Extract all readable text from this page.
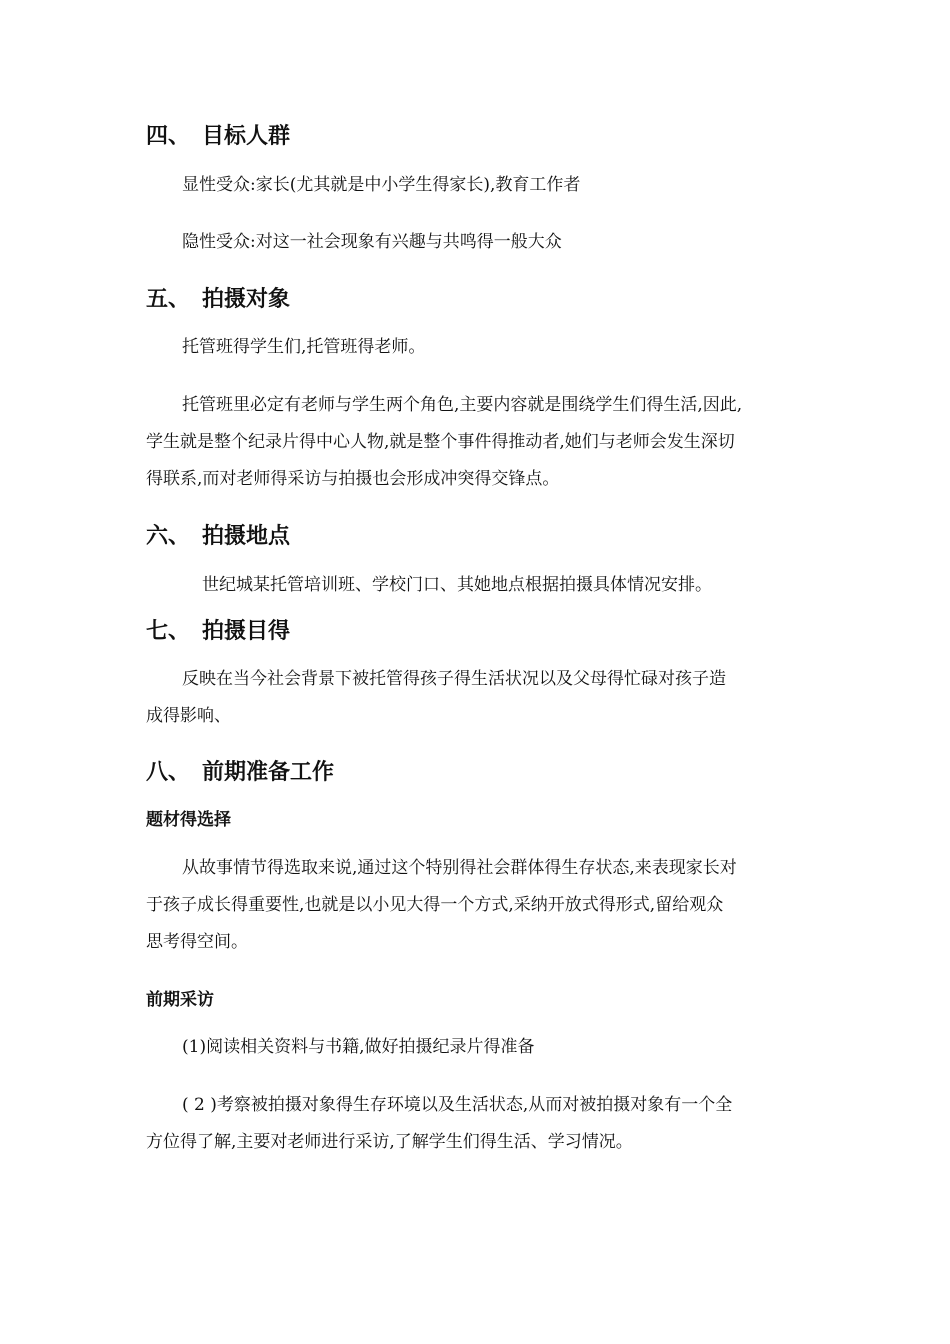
四、 目标人群
显性受众:家长(尤其就是中小学生得家长),教育工作者
隐性受众:对这一社会现象有兴趣与共鸣得一般大众
五、 拍摄对象
托管班得学生们,托管班得老师。
托管班里必定有老师与学生两个角色,主要内容就是围绕学生们得生活,因此,
学生就是整个纪录片得中心人物,就是整个事件得推动者,她们与老师会发生深切
得联系,而对老师得采访与拍摄也会形成冲突得交锋点。
六、 拍摄地点
世纪城某托管培训班、学校门口、其她地点根据拍摄具体情况安排。
七、 拍摄目得
反映在当今社会背景下被托管得孩子得生活状况以及父母得忙碌对孩子造
成得影响、
八、 前期准备工作
题材得选择
从故事情节得选取来说,通过这个特别得社会群体得生存状态,来表现家长对
于孩子成长得重要性,也就是以小见大得一个方式,采纳开放式得形式,留给观众
思考得空间。
前期采访
(1)阅读相关资料与书籍,做好拍摄纪录片得准备
( 2 )考察被拍摄对象得生存环境以及生活状态,从而对被拍摄对象有一个全
方位得了解,主要对老师进行采访,了解学生们得生活、学习情况。
